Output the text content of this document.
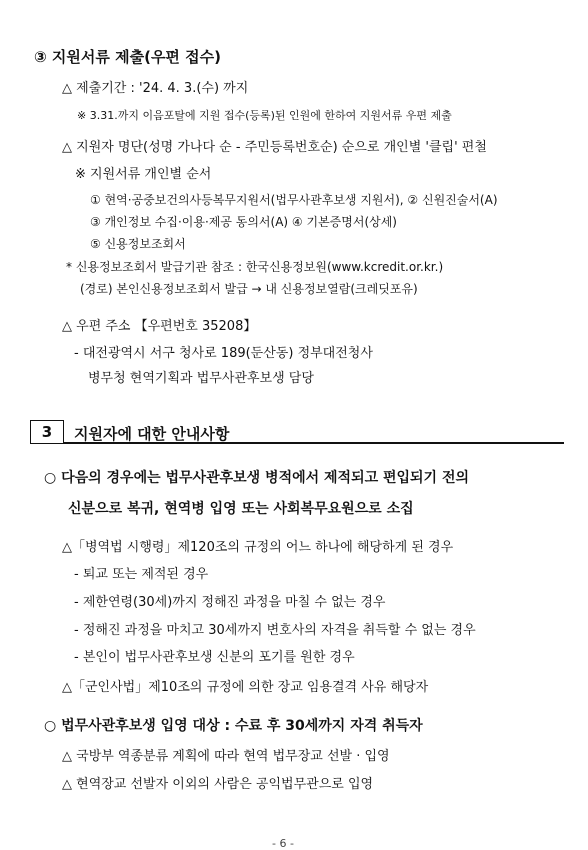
③ 지원서류 제출(우편 접수)
△ 제출기간 : '24. 4. 3.(수) 까지
※ 3.31.까지 이음포탈에 지원 접수(등록)된 인원에 한하여 지원서류 우편 제출
△ 지원자 명단(성명 가나다 순 - 주민등록번호순) 순으로 개인별 '클립' 편철
※ 지원서류 개인별 순서
① 현역·공중보건의사등복무지원서(법무사관후보생 지원서), ② 신원진술서(A)
③ 개인정보 수집·이용·제공 동의서(A) ④ 기본증명서(상세)
⑤ 신용정보조회서
* 신용정보조회서 발급기관 참조 : 한국신용정보원(www.kcredit.or.kr.)
(경로) 본인신용정보조회서 발급 → 내 신용정보열람(크레딧포유)
△ 우편 주소 【우편번호 35208】
- 대전광역시 서구 청사로 189(둔산동) 정부대전청사
병무청 현역기획과 법무사관후보생 담당
3	지원자에 대한 안내사항
○ 다음의 경우에는 법무사관후보생 병적에서 제적되고 편입되기 전의
신분으로 복귀, 현역병 입영 또는 사회복무요원으로 소집
△「병역법 시행령」제120조의 규정의 어느 하나에 해당하게 된 경우
- 퇴교 또는 제적된 경우
- 제한연령(30세)까지 정해진 과정을 마칠 수 없는 경우
- 정해진 과정을 마치고 30세까지 변호사의 자격을 취득할 수 없는 경우
- 본인이 법무사관후보생 신분의 포기를 원한 경우
△「군인사법」제10조의 규정에 의한 장교 임용결격 사유 해당자
○ 법무사관후보생 입영 대상 : 수료 후 30세까지 자격 취득자
△ 국방부 역종분류 계획에 따라 현역 법무장교 선발 · 입영
△ 현역장교 선발자 이외의 사람은 공익법무관으로 입영
- 6 -
